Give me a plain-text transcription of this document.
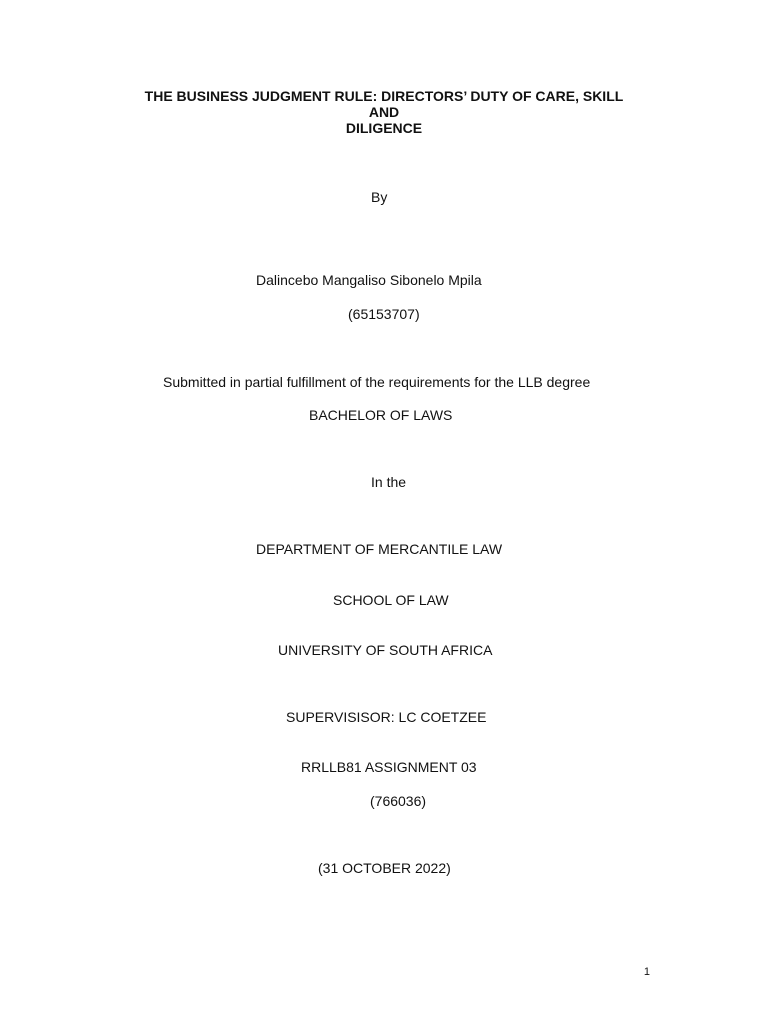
THE BUSINESS JUDGMENT RULE: DIRECTORS’ DUTY OF CARE, SKILL
AND
DILIGENCE
By
Dalincebo Mangaliso Sibonelo Mpila
(65153707)
Submitted in partial fulfillment of the requirements for the LLB degree
BACHELOR OF LAWS
In the
DEPARTMENT OF MERCANTILE LAW
SCHOOL OF LAW
UNIVERSITY OF SOUTH AFRICA
SUPERVISISOR: LC COETZEE
RRLLB81 ASSIGNMENT 03
(766036)
(31 OCTOBER 2022)
1
